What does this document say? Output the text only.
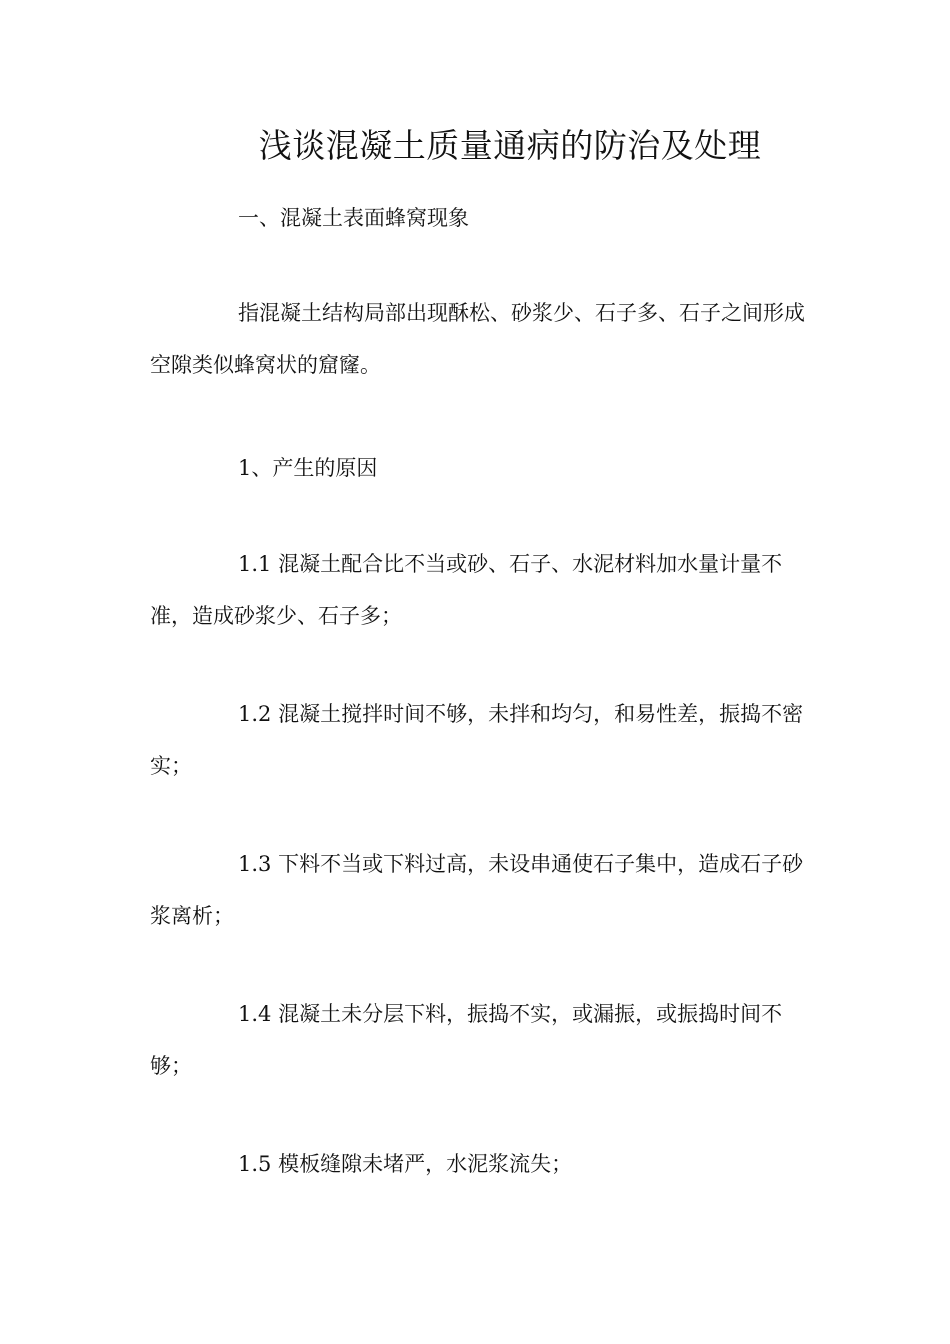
浅谈混凝土质量通病的防治及处理
一、混凝土表面蜂窝现象

指混凝土结构局部出现酥松、砂浆少、石子多、石子之间形成空隙类似蜂窝状的窟窿。

1、产生的原因

1.1 混凝土配合比不当或砂、石子、水泥材料加水量计量不准，造成砂浆少、石子多；

1.2 混凝土搅拌时间不够，未拌和均匀，和易性差，振捣不密实；

1.3 下料不当或下料过高，未设串通使石子集中，造成石子砂浆离析；

1.4 混凝土未分层下料，振捣不实，或漏振，或振捣时间不够；

1.5 模板缝隙未堵严，水泥浆流失；
